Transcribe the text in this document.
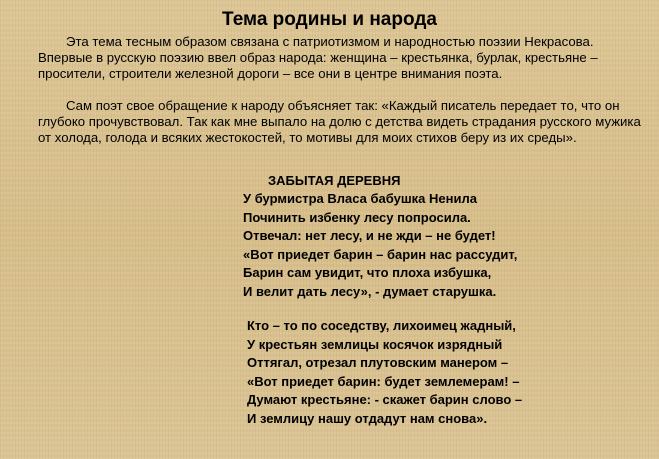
Тема родины и народа

Эта тема тесным образом связана с патриотизмом и народностью поэзии Некрасова. Впервые в русскую поэзию ввел образ народа: женщина – крестьянка, бурлак, крестьяне – просители, строители железной дороги – все они в центре внимания поэта.

Сам поэт свое обращение к народу объясняет так: «Каждый писатель передает то, что он глубоко прочувствовал. Так как мне выпало на долю с детства видеть страдания русского мужика от холода, голода и всяких жестокостей, то мотивы для моих стихов беру из их среды».

ЗАБЫТАЯ ДЕРЕВНЯ
У бурмистра Власа бабушка Ненила
Починить избенку лесу попросила.
Отвечал: нет лесу, и не жди – не будет!
«Вот приедет барин – барин нас рассудит,
Барин сам увидит, что плоха избушка,
И велит дать лесу», - думает старушка.
Кто – то по соседству, лихоимец жадный,
У крестьян землицы косячок изрядный
Оттягал, отрезал плутовским манером –
«Вот приедет барин: будет землемерам! –
Думают крестьяне: - скажет барин слово –
И землицу нашу отдадут нам снова».
